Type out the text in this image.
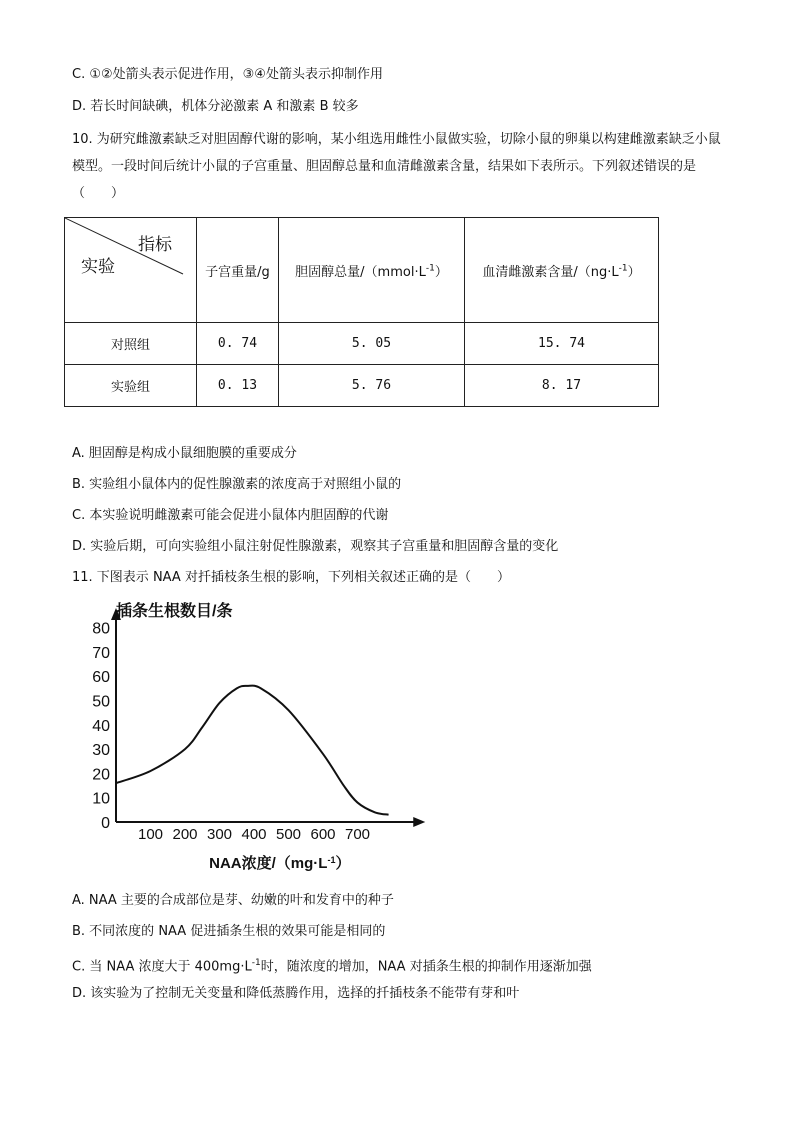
C. ①②处箭头表示促进作用，③④处箭头表示抑制作用
D. 若长时间缺碘，机体分泌激素 A 和激素 B 较多
10. 为研究雌激素缺乏对胆固醇代谢的影响，某小组选用雌性小鼠做实验，切除小鼠的卵巢以构建雌激素缺乏小鼠模型。一段时间后统计小鼠的子宫重量、胆固醇总量和血清雌激素含量，结果如下表所示。下列叙述错误的是（　　）
指标
实验	子宫重量/g	胆固醇总量$/(mmol\cdot L^{-1})$	血清雌激素含量$/(ng\cdot L^{-1})$
对照组	0. 74	5. 05	15. 74
实验组	0. 13	5. 76	8. 17
A. 胆固醇是构成小鼠细胞膜的重要成分
B. 实验组小鼠体内的促性腺激素的浓度高于对照组小鼠的
C. 本实验说明雌激素可能会促进小鼠体内胆固醇的代谢
D. 实验后期，可向实验组小鼠注射促性腺激素，观察其子宫重量和胆固醇含量的变化
11. 下图表示 NAA 对扦插枝条生根的影响，下列相关叙述正确的是（　　）
0
10
20
30
40
50
60
70
80
100 200 300 400 500 600 700
插条生根数目/条
NAA浓度$/(mg\cdot L^{-1})$
A. NAA 主要的合成部位是芽、幼嫩的叶和发育中的种子
B. 不同浓度的 NAA 促进插条生根的效果可能是相同的
C. 当 NAA 浓度大于 $400mg\cdot L^{-1}$时，随浓度的增加，NAA 对插条生根的抑制作用逐渐加强
D. 该实验为了控制无关变量和降低蒸腾作用，选择的扦插枝条不能带有芽和叶
